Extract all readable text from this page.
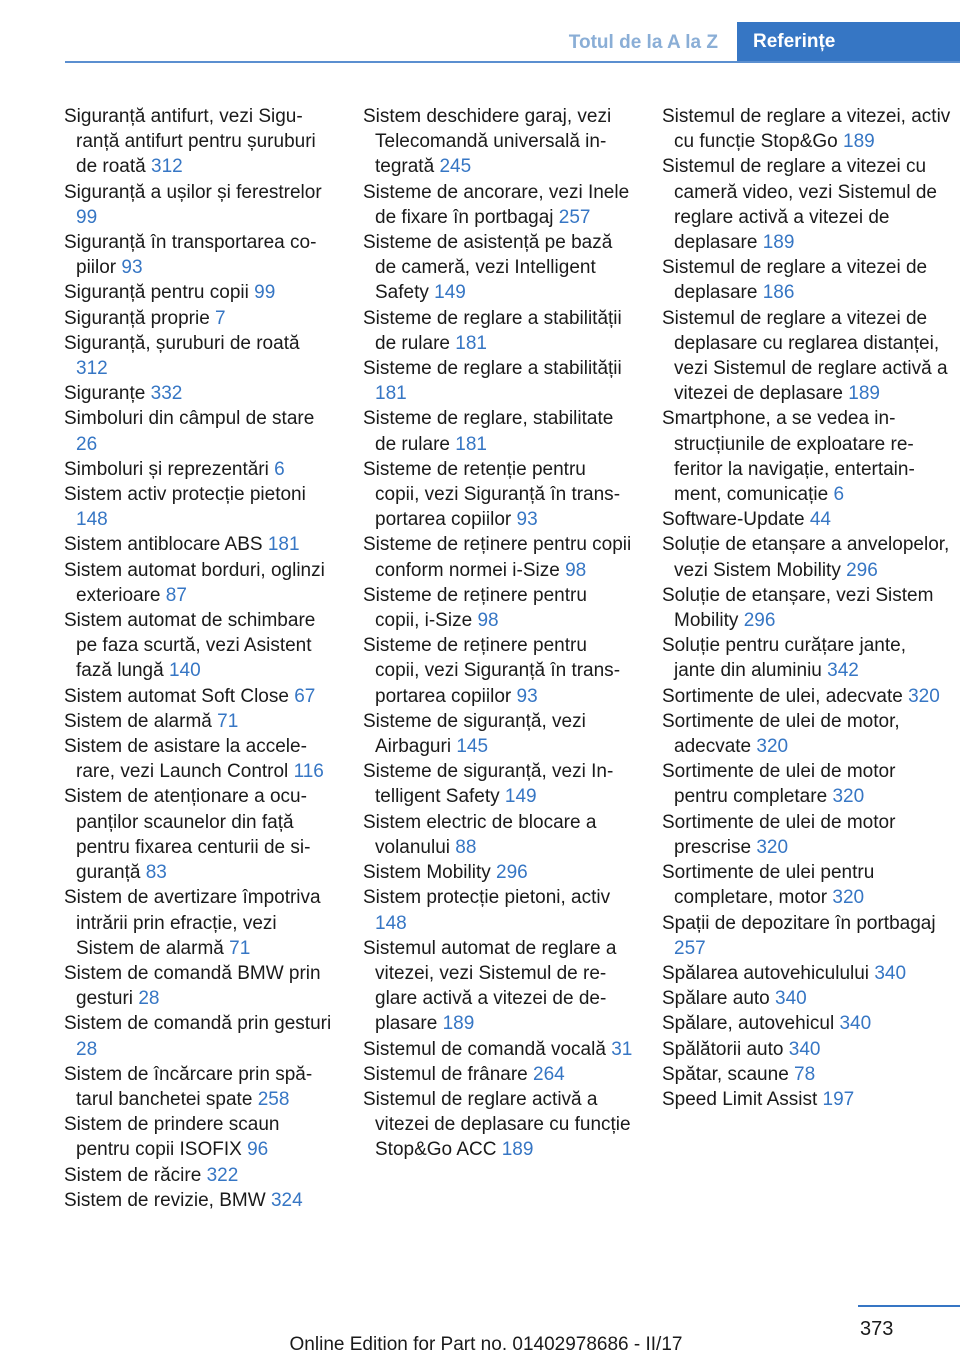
Totul de la A la Z	Referințe

Siguranță antifurt, vezi Siguranță antifurt pentru șuruburi de roată 312

Siguranță a ușilor și ferestrelor 99

Siguranță în transportarea copiilor 93

Siguranță pentru copii 99

Siguranță proprie 7

Siguranță, șuruburi de roată 312

Siguranțe 332

Simboluri din câmpul de stare 26

Simboluri și reprezentări 6

Sistem activ protecție pietoni 148

Sistem antiblocare ABS 181

Sistem automat borduri, oglinzi exterioare 87

Sistem automat de schimbare pe faza scurtă, vezi Asistent fază lungă 140

Sistem automat Soft Close 67

Sistem de alarmă 71

Sistem de asistare la accelerare, vezi Launch Control 116

Sistem de atenționare a ocupanților scaunelor din față pentru fixarea centurii de siguranță 83

Sistem de avertizare împotriva intrării prin efracție, vezi Sistem de alarmă 71

Sistem de comandă BMW prin gesturi 28

Sistem de comandă prin gesturi 28

Sistem de încărcare prin spătarul banchetei spate 258

Sistem de prindere scaun pentru copii ISOFIX 96

Sistem de răcire 322

Sistem de revizie, BMW 324

Sistem deschidere garaj, vezi Telecomandă universală integrată 245

Sisteme de ancorare, vezi Inele de fixare în portbagaj 257

Sisteme de asistență pe bază de cameră, vezi Intelligent Safety 149

Sisteme de reglare a stabilității de rulare 181

Sisteme de reglare a stabilității 181

Sisteme de reglare, stabilitate de rulare 181

Sisteme de retenție pentru copii, vezi Siguranță în transportarea copiilor 93

Sisteme de reținere pentru copii conform normei i-Size 98

Sisteme de reținere pentru copii, i-Size 98

Sisteme de reținere pentru copii, vezi Siguranță în transportarea copiilor 93

Sisteme de siguranță, vezi Airbaguri 145

Sisteme de siguranță, vezi Intelligent Safety 149

Sistem electric de blocare a volanului 88

Sistem Mobility 296

Sistem protecție pietoni, activ 148

Sistemul automat de reglare a vitezei, vezi Sistemul de reglare activă a vitezei de deplasare 189

Sistemul de comandă vocală 31

Sistemul de frânare 264

Sistemul de reglare activă a vitezei de deplasare cu funcție Stop&Go ACC 189

Sistemul de reglare a vitezei, activ cu funcție Stop&Go 189

Sistemul de reglare a vitezei cu cameră video, vezi Sistemul de reglare activă a vitezei de deplasare 189

Sistemul de reglare a vitezei de deplasare 186

Sistemul de reglare a vitezei de deplasare cu reglarea distanței, vezi Sistemul de reglare activă a vitezei de deplasare 189

Smartphone, a se vedea instrucțiunile de exploatare referitor la navigație, entertainment, comunicație 6

Software-Update 44

Soluție de etanșare a anvelopelor, vezi Sistem Mobility 296

Soluție de etanșare, vezi Sistem Mobility 296

Soluție pentru curățare jante, jante din aluminiu 342

Sortimente de ulei, adecvate 320

Sortimente de ulei de motor, adecvate 320

Sortimente de ulei de motor pentru completare 320

Sortimente de ulei de motor prescrise 320

Sortimente de ulei pentru completare, motor 320

Spații de depozitare în portbagaj 257

Spălarea autovehiculului 340

Spălare auto 340

Spălare, autovehicul 340

Spălătorii auto 340

Spătar, scaune 78

Speed Limit Assist 197

373
Online Edition for Part no. 01402978686 - II/17
